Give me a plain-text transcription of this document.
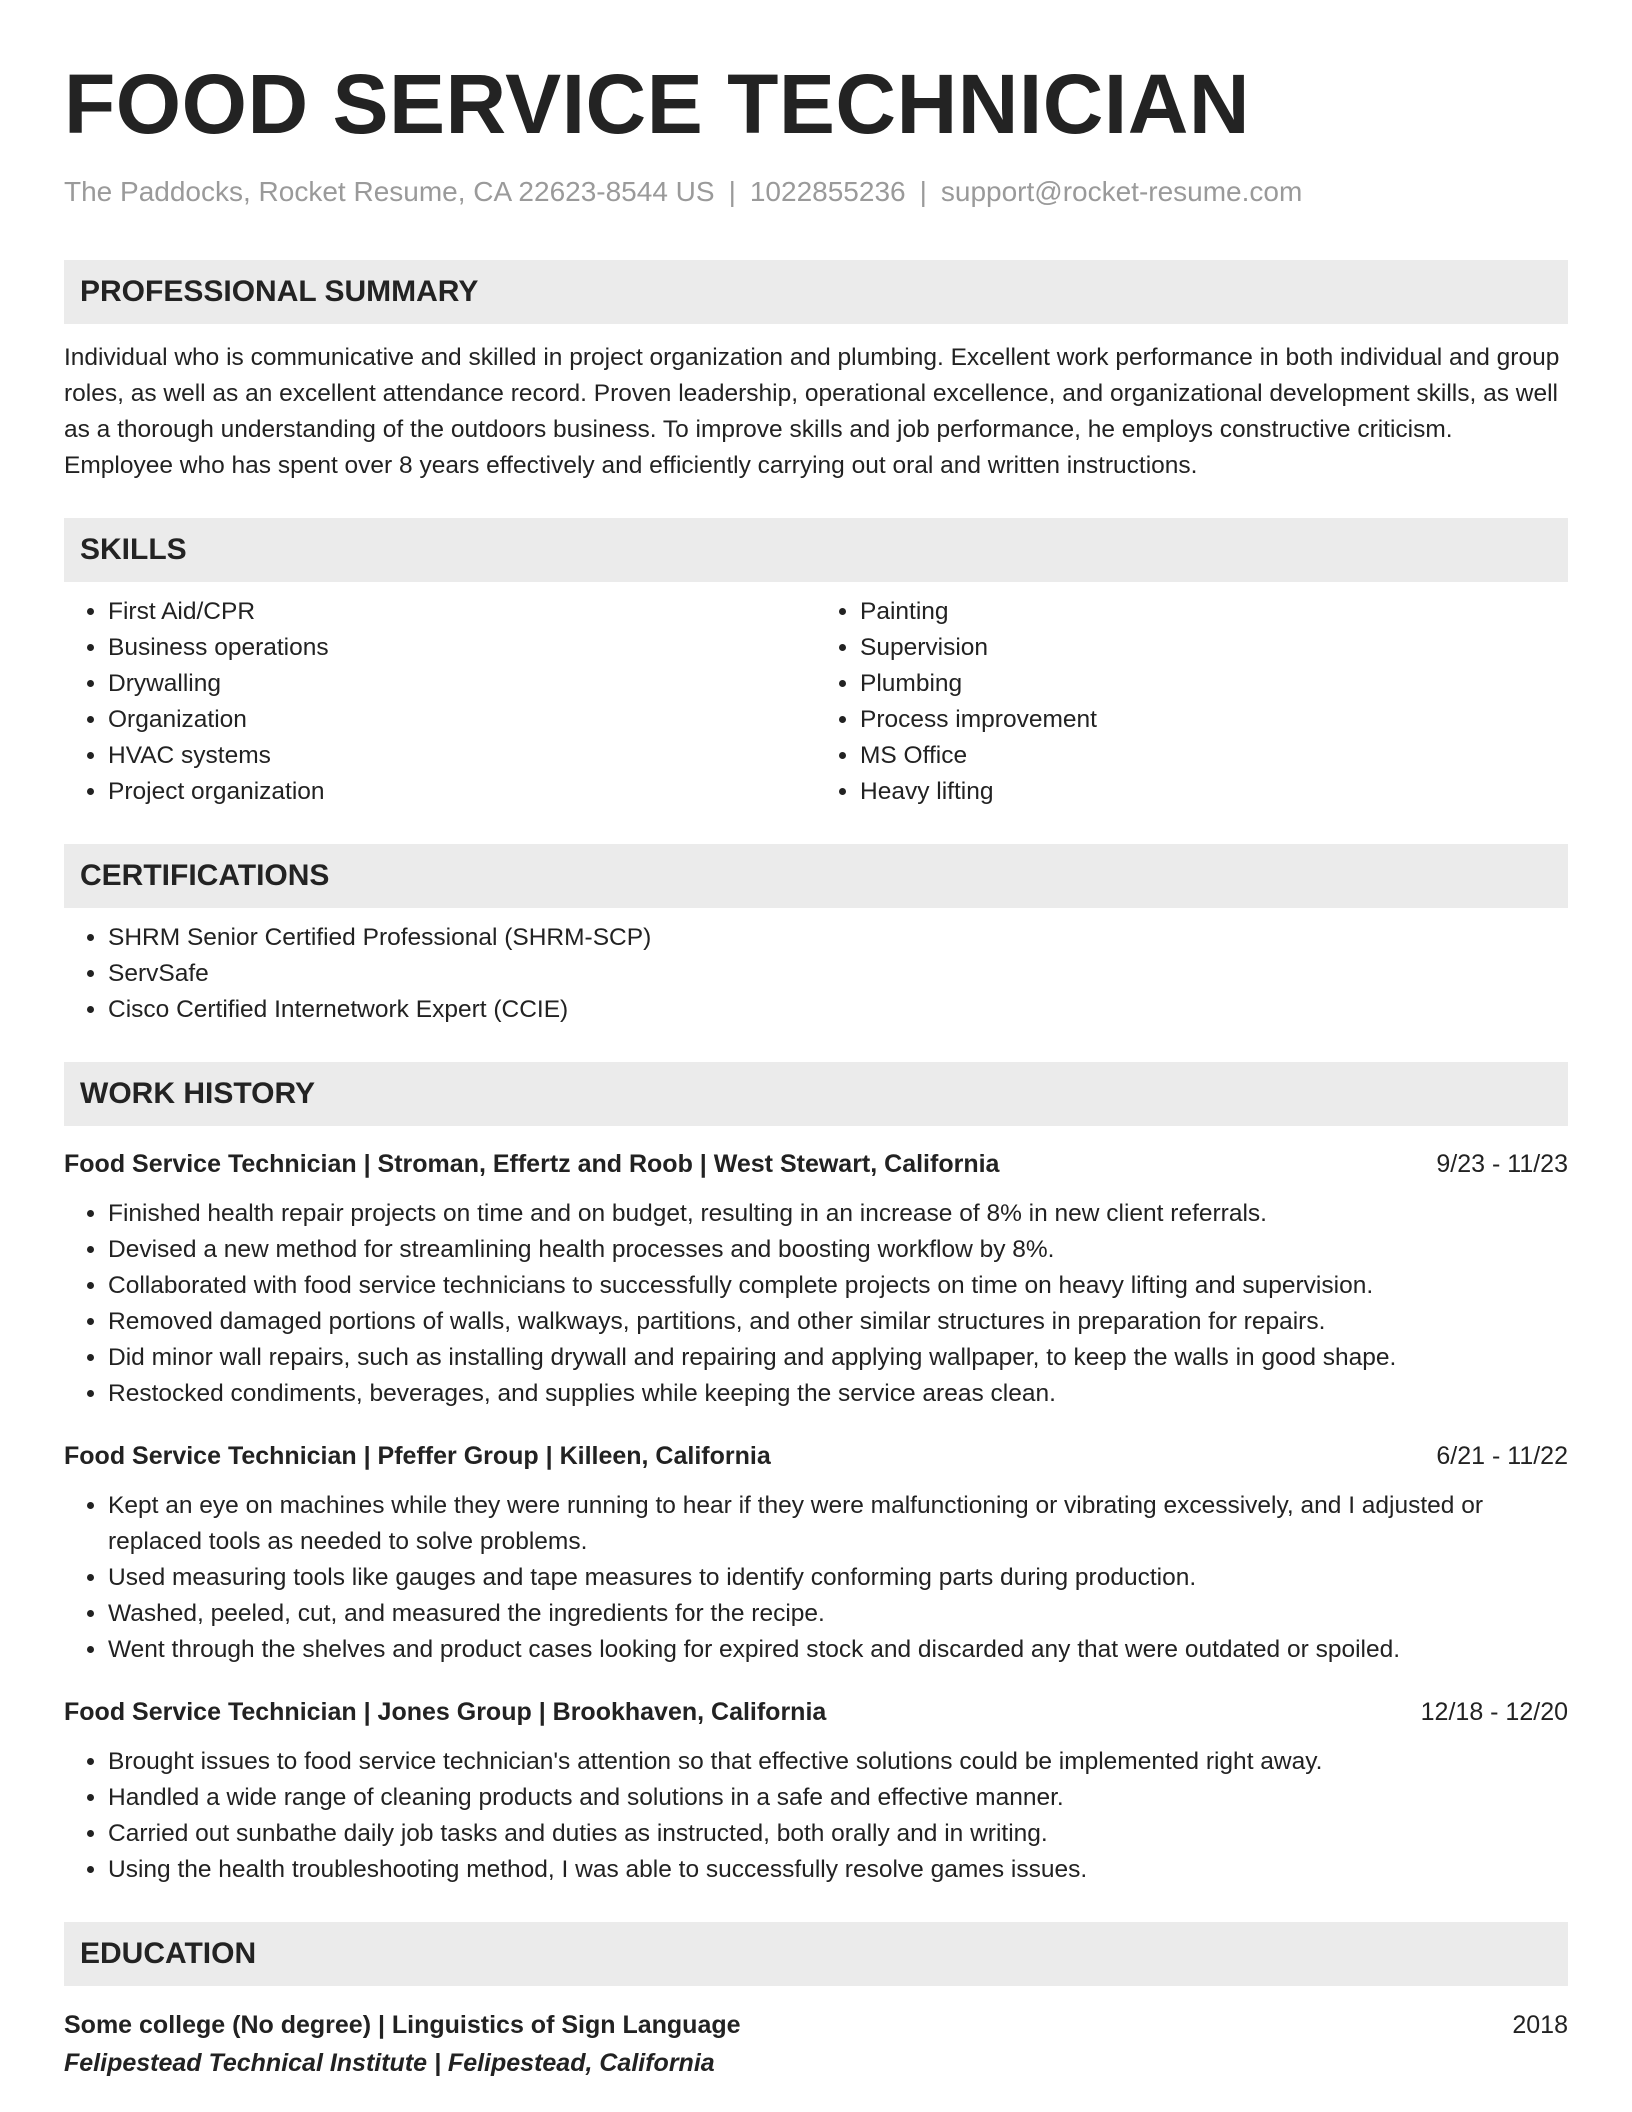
FOOD SERVICE TECHNICIAN
The Paddocks, Rocket Resume, CA 22623-8544 US | 1022855236 | support@rocket-resume.com
PROFESSIONAL SUMMARY

Individual who is communicative and skilled in project organization and plumbing. Excellent work performance in both individual and group roles, as well as an excellent attendance record. Proven leadership, operational excellence, and organizational development skills, as well as a thorough understanding of the outdoors business. To improve skills and job performance, he employs constructive criticism. Employee who has spent over 8 years effectively and efficiently carrying out oral and written instructions.

SKILLS
• First Aid/CPR
• Business operations
• Drywalling
• Organization
• HVAC systems
• Project organization
• Painting
• Supervision
• Plumbing
• Process improvement
• MS Office
• Heavy lifting
CERTIFICATIONS
• SHRM Senior Certified Professional (SHRM-SCP)
• ServSafe
• Cisco Certified Internetwork Expert (CCIE)
WORK HISTORY
Food Service Technician | Stroman, Effertz and Roob | West Stewart, California	9/23 - 11/23
• Finished health repair projects on time and on budget, resulting in an increase of 8% in new client referrals.
• Devised a new method for streamlining health processes and boosting workflow by 8%.
• Collaborated with food service technicians to successfully complete projects on time on heavy lifting and supervision.
• Removed damaged portions of walls, walkways, partitions, and other similar structures in preparation for repairs.
• Did minor wall repairs, such as installing drywall and repairing and applying wallpaper, to keep the walls in good shape.
• Restocked condiments, beverages, and supplies while keeping the service areas clean.
Food Service Technician | Pfeffer Group | Killeen, California	6/21 - 11/22
• Kept an eye on machines while they were running to hear if they were malfunctioning or vibrating excessively, and I adjusted or replaced tools as needed to solve problems.
• Used measuring tools like gauges and tape measures to identify conforming parts during production.
• Washed, peeled, cut, and measured the ingredients for the recipe.
• Went through the shelves and product cases looking for expired stock and discarded any that were outdated or spoiled.
Food Service Technician | Jones Group | Brookhaven, California	12/18 - 12/20
• Brought issues to food service technician's attention so that effective solutions could be implemented right away.
• Handled a wide range of cleaning products and solutions in a safe and effective manner.
• Carried out sunbathe daily job tasks and duties as instructed, both orally and in writing.
• Using the health troubleshooting method, I was able to successfully resolve games issues.
EDUCATION
Some college (No degree) | Linguistics of Sign Language	2018
Felipestead Technical Institute | Felipestead, California
